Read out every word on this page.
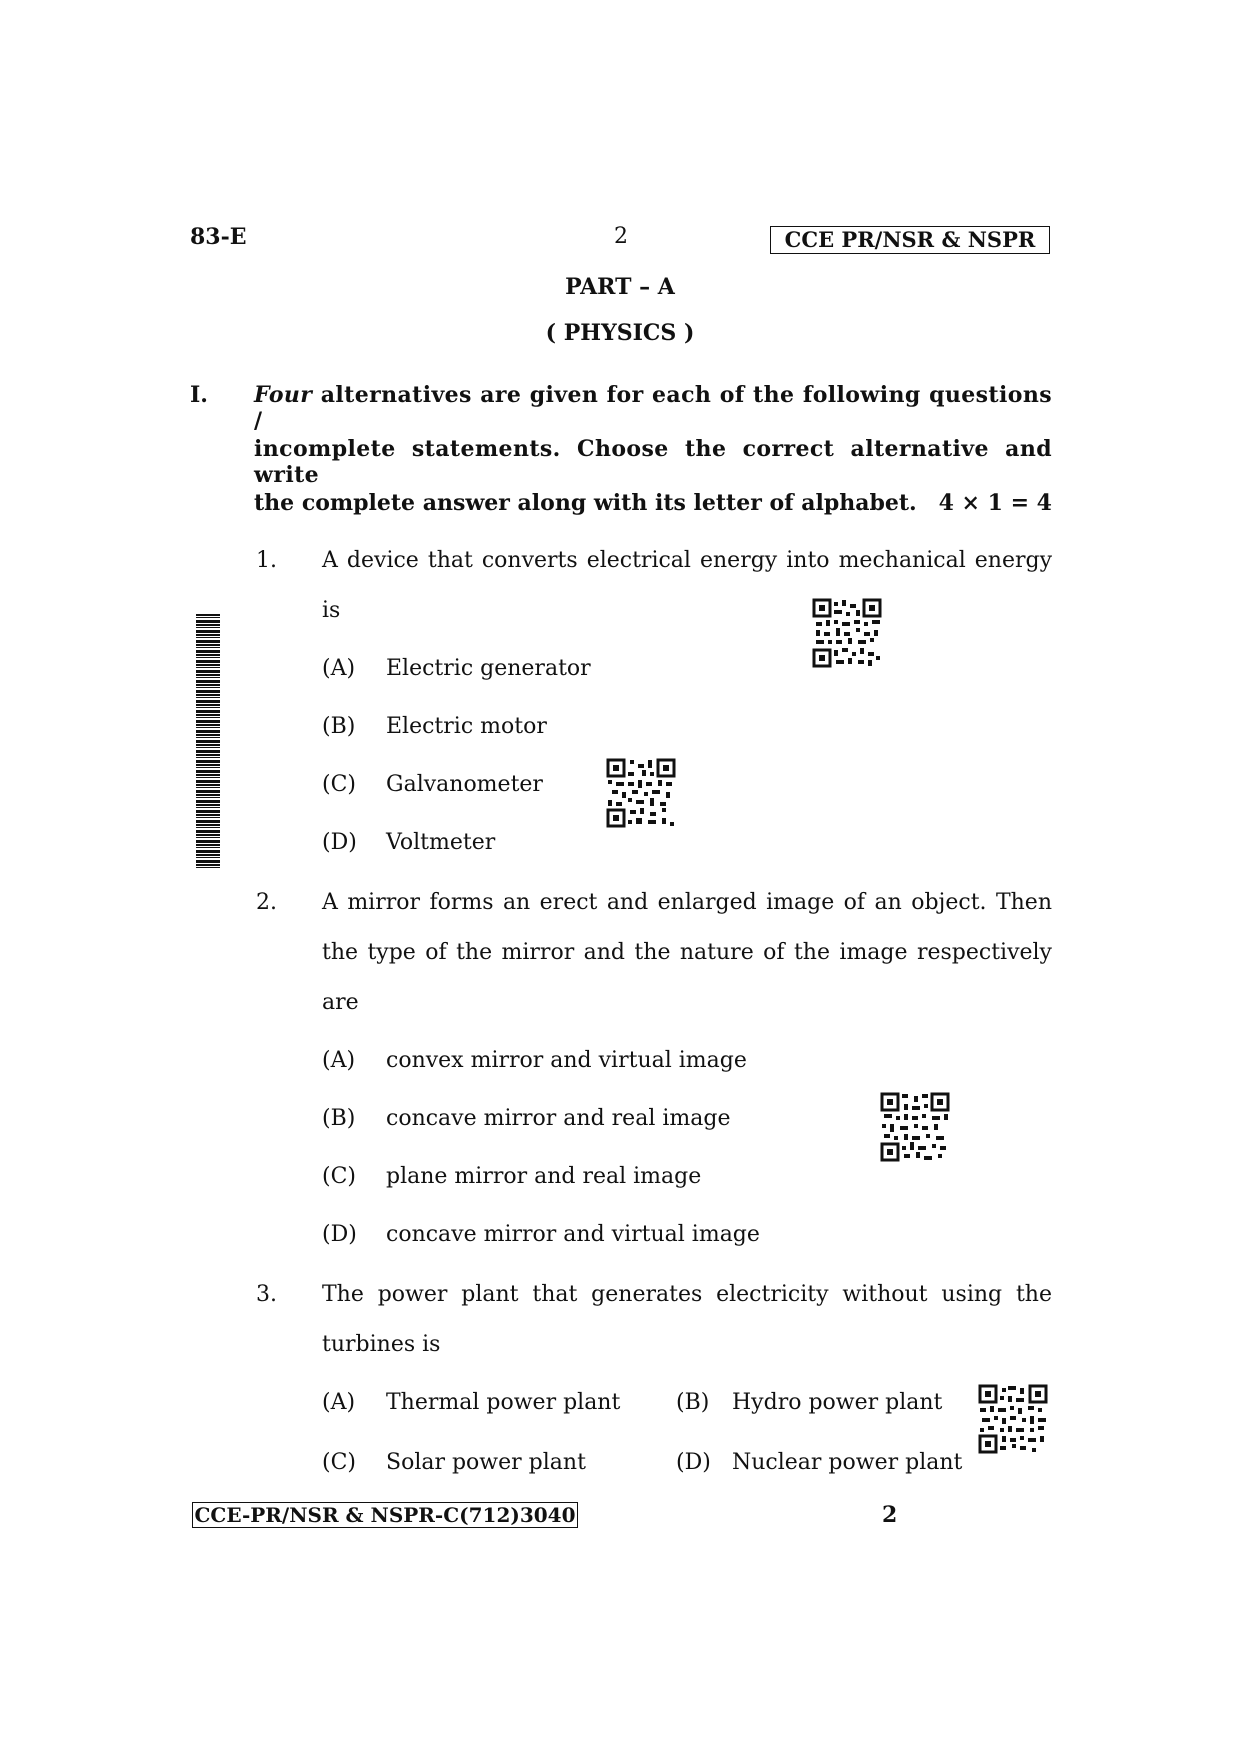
83-E	2	CCE PR/NSR & NSPR
PART – A
( PHYSICS )
I. Four alternatives are given for each of the following questions /
incomplete statements. Choose the correct alternative and write
the complete answer along with its letter of alphabet. 4 × 1 = 4
1. A device that converts electrical energy into mechanical energy
is
(A) Electric generator
(B) Electric motor
(C) Galvanometer
(D) Voltmeter
2. A mirror forms an erect and enlarged image of an object. Then
the type of the mirror and the nature of the image respectively
are
(A) convex mirror and virtual image
(B) concave mirror and real image
(C) plane mirror and real image
(D) concave mirror and virtual image
3. The power plant that generates electricity without using the
turbines is
(A) Thermal power plant	(B) Hydro power plant
(C) Solar power plant	(D) Nuclear power plant
CCE-PR/NSR & NSPR-C(712)3040	2
